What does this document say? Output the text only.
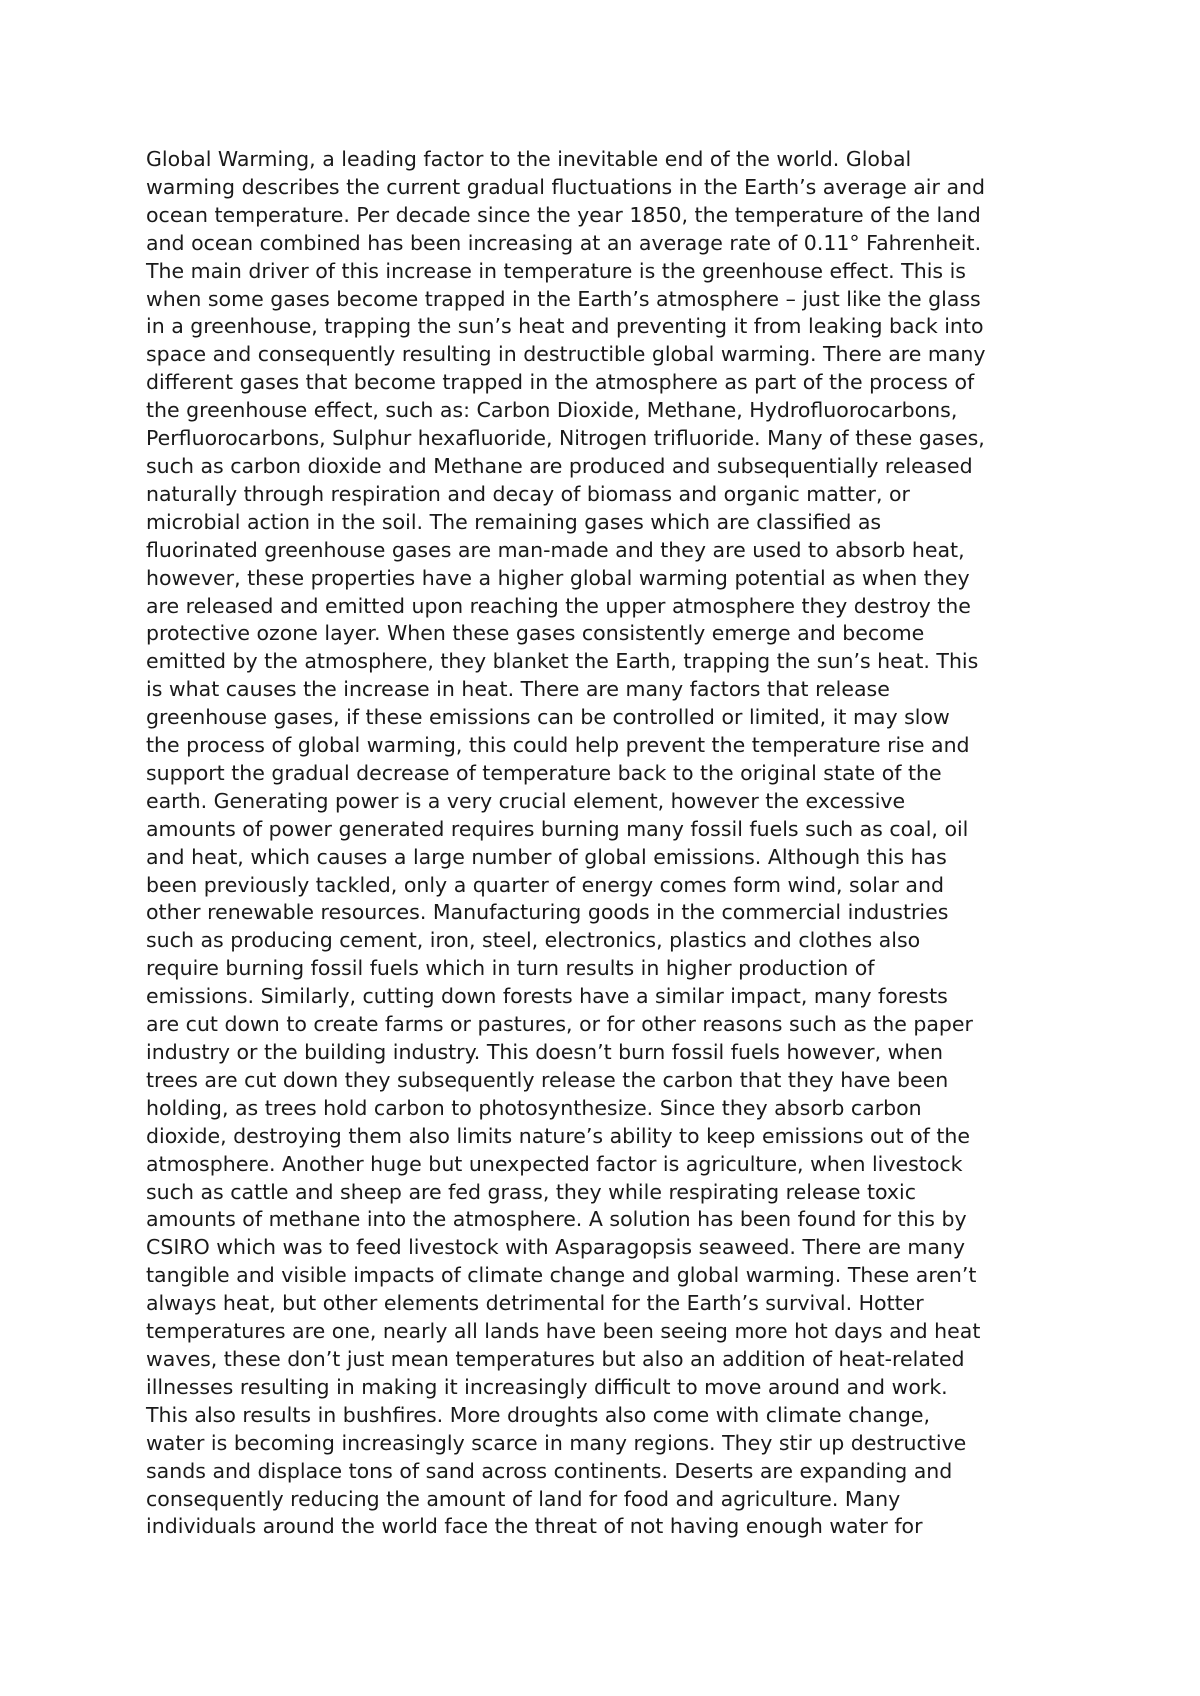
Global Warming, a leading factor to the inevitable end of the world. Global
warming describes the current gradual fluctuations in the Earth’s average air and
ocean temperature. Per decade since the year 1850, the temperature of the land
and ocean combined has been increasing at an average rate of 0.11° Fahrenheit.
The main driver of this increase in temperature is the greenhouse effect. This is
when some gases become trapped in the Earth’s atmosphere – just like the glass
in a greenhouse, trapping the sun’s heat and preventing it from leaking back into
space and consequently resulting in destructible global warming. There are many
different gases that become trapped in the atmosphere as part of the process of
the greenhouse effect, such as: Carbon Dioxide, Methane, Hydrofluorocarbons,
Perfluorocarbons, Sulphur hexafluoride, Nitrogen trifluoride. Many of these gases,
such as carbon dioxide and Methane are produced and subsequentially released
naturally through respiration and decay of biomass and organic matter, or
microbial action in the soil. The remaining gases which are classified as
fluorinated greenhouse gases are man-made and they are used to absorb heat,
however, these properties have a higher global warming potential as when they
are released and emitted upon reaching the upper atmosphere they destroy the
protective ozone layer. When these gases consistently emerge and become
emitted by the atmosphere, they blanket the Earth, trapping the sun’s heat. This
is what causes the increase in heat. There are many factors that release
greenhouse gases, if these emissions can be controlled or limited, it may slow
the process of global warming, this could help prevent the temperature rise and
support the gradual decrease of temperature back to the original state of the
earth. Generating power is a very crucial element, however the excessive
amounts of power generated requires burning many fossil fuels such as coal, oil
and heat, which causes a large number of global emissions. Although this has
been previously tackled, only a quarter of energy comes form wind, solar and
other renewable resources. Manufacturing goods in the commercial industries
such as producing cement, iron, steel, electronics, plastics and clothes also
require burning fossil fuels which in turn results in higher production of
emissions. Similarly, cutting down forests have a similar impact, many forests
are cut down to create farms or pastures, or for other reasons such as the paper
industry or the building industry. This doesn’t burn fossil fuels however, when
trees are cut down they subsequently release the carbon that they have been
holding, as trees hold carbon to photosynthesize. Since they absorb carbon
dioxide, destroying them also limits nature’s ability to keep emissions out of the
atmosphere. Another huge but unexpected factor is agriculture, when livestock
such as cattle and sheep are fed grass, they while respirating release toxic
amounts of methane into the atmosphere. A solution has been found for this by
CSIRO which was to feed livestock with Asparagopsis seaweed. There are many
tangible and visible impacts of climate change and global warming. These aren’t
always heat, but other elements detrimental for the Earth’s survival. Hotter
temperatures are one, nearly all lands have been seeing more hot days and heat
waves, these don’t just mean temperatures but also an addition of heat-related
illnesses resulting in making it increasingly difficult to move around and work.
This also results in bushfires. More droughts also come with climate change,
water is becoming increasingly scarce in many regions. They stir up destructive
sands and displace tons of sand across continents. Deserts are expanding and
consequently reducing the amount of land for food and agriculture. Many
individuals around the world face the threat of not having enough water for
